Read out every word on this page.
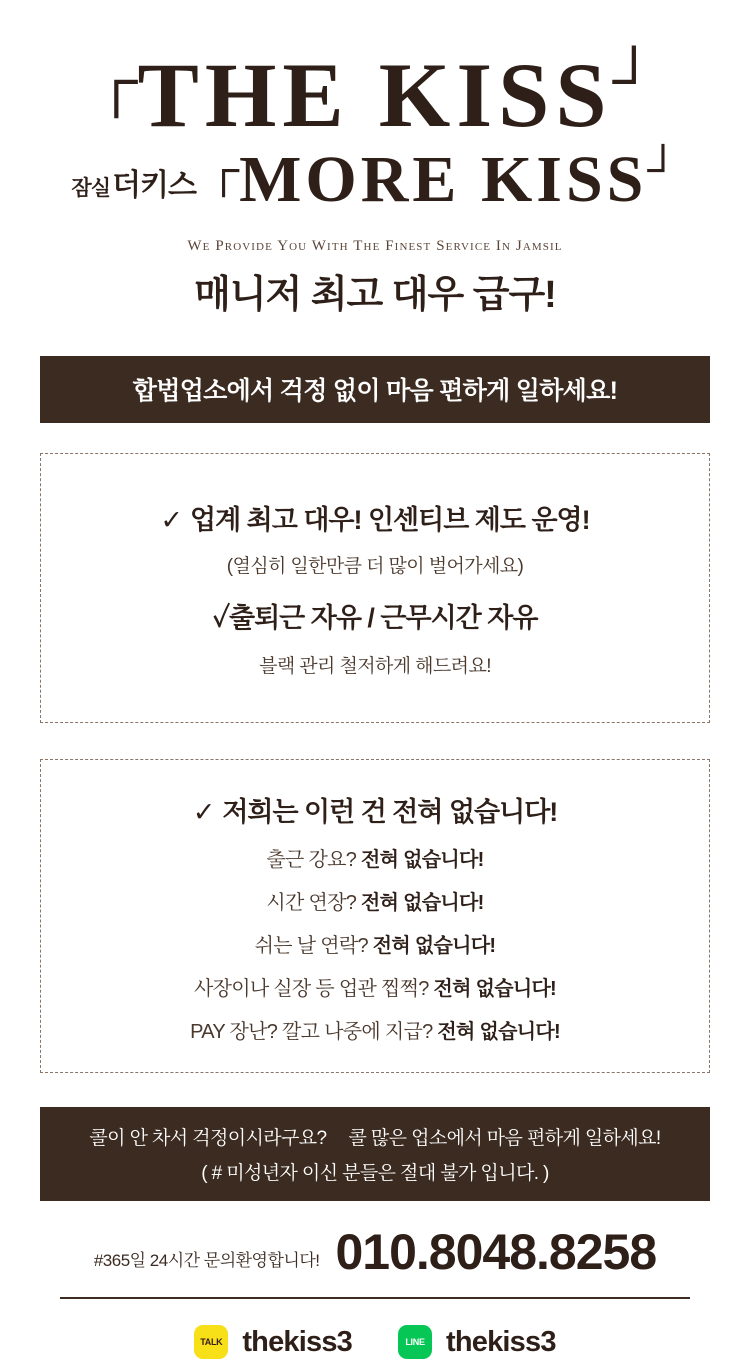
┌THE KISS┘
잠실더키스 ┌MORE KISS┘
We Provide You With The Finest Service In Jamsil
매니저 최고 대우 급구!
합법업소에서 걱정 없이 마음 편하게 일하세요!
✓ 업계 최고 대우! 인센티브 제도 운영!
(열심히 일한만큼 더 많이 벌어가세요)
✓출퇴근 자유 / 근무시간 자유
블랙 관리 철저하게 해드려요!
✓ 저희는 이런 건 전혀 없습니다!
출근 강요? 전혀 없습니다!
시간 연장? 전혀 없습니다!
쉬는 날 연락? 전혀 없습니다!
사장이나 실장 등 업관 찝쩍? 전혀 없습니다!
PAY 장난? 깔고 나중에 지급? 전혀 없습니다!
콜이 안 차서 걱정이시라구요? 콜 많은 업소에서 마음 편하게 일하세요!
( # 미성년자 이신 분들은 절대 불가 입니다. )
#365일 24시간 문의환영합니다! 010.8048.8258
TALK thekiss3	LINE thekiss3
